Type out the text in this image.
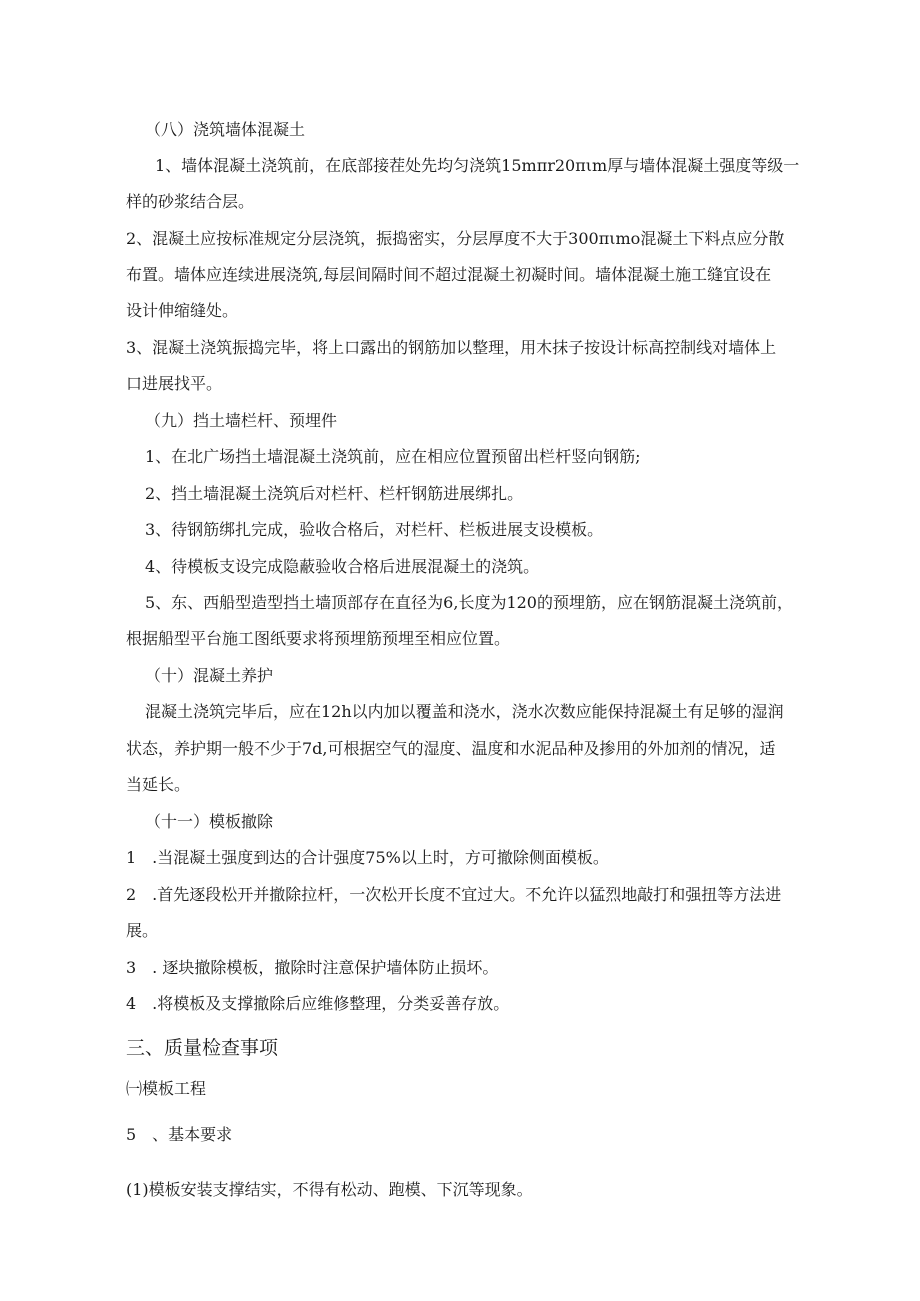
（八）浇筑墙体混凝土
1、墙体混凝土浇筑前，在底部接茬处先均匀浇筑15mπr20πιm厚与墙体混凝土强度等级一
样的砂浆结合层。
2、混凝土应按标准规定分层浇筑，振捣密实，分层厚度不大于300πιmo混凝土下料点应分散
布置。墙体应连续进展浇筑,每层间隔时间不超过混凝土初凝时间。墙体混凝土施工缝宜设在
设计伸缩缝处。
3、混凝土浇筑振捣完毕，将上口露出的钢筋加以整理，用木抹子按设计标高控制线对墙体上
口进展找平。
（九）挡土墙栏杆、预埋件
1、在北广场挡土墙混凝土浇筑前，应在相应位置预留出栏杆竖向钢筋;
2、挡土墙混凝土浇筑后对栏杆、栏杆钢筋进展绑扎。
3、待钢筋绑扎完成，验收合格后，对栏杆、栏板进展支设模板。
4、待模板支设完成隐蔽验收合格后进展混凝土的浇筑。
5、东、西船型造型挡土墙顶部存在直径为6,长度为120的预埋筋，应在钢筋混凝土浇筑前，
根据船型平台施工图纸要求将预埋筋预埋至相应位置。
（十）混凝土养护
混凝土浇筑完毕后，应在12h以内加以覆盖和浇水，浇水次数应能保持混凝土有足够的湿润
状态，养护期一般不少于7d,可根据空气的湿度、温度和水泥品种及掺用的外加剂的情况，适
当延长。
（十一）模板撤除
1　.当混凝土强度到达的合计强度75%以上时，方可撤除侧面模板。
2　.首先逐段松开并撤除拉杆，一次松开长度不宜过大。不允许以猛烈地敲打和强扭等方法进
展。
3　. 逐块撤除模板，撤除时注意保护墙体防止损坏。
4　.将模板及支撑撤除后应维修整理，分类妥善存放。
三、质量检查事项
㈠模板工程
5　、基本要求
(1)模板安装支撑结实，不得有松动、跑模、下沉等现象。
